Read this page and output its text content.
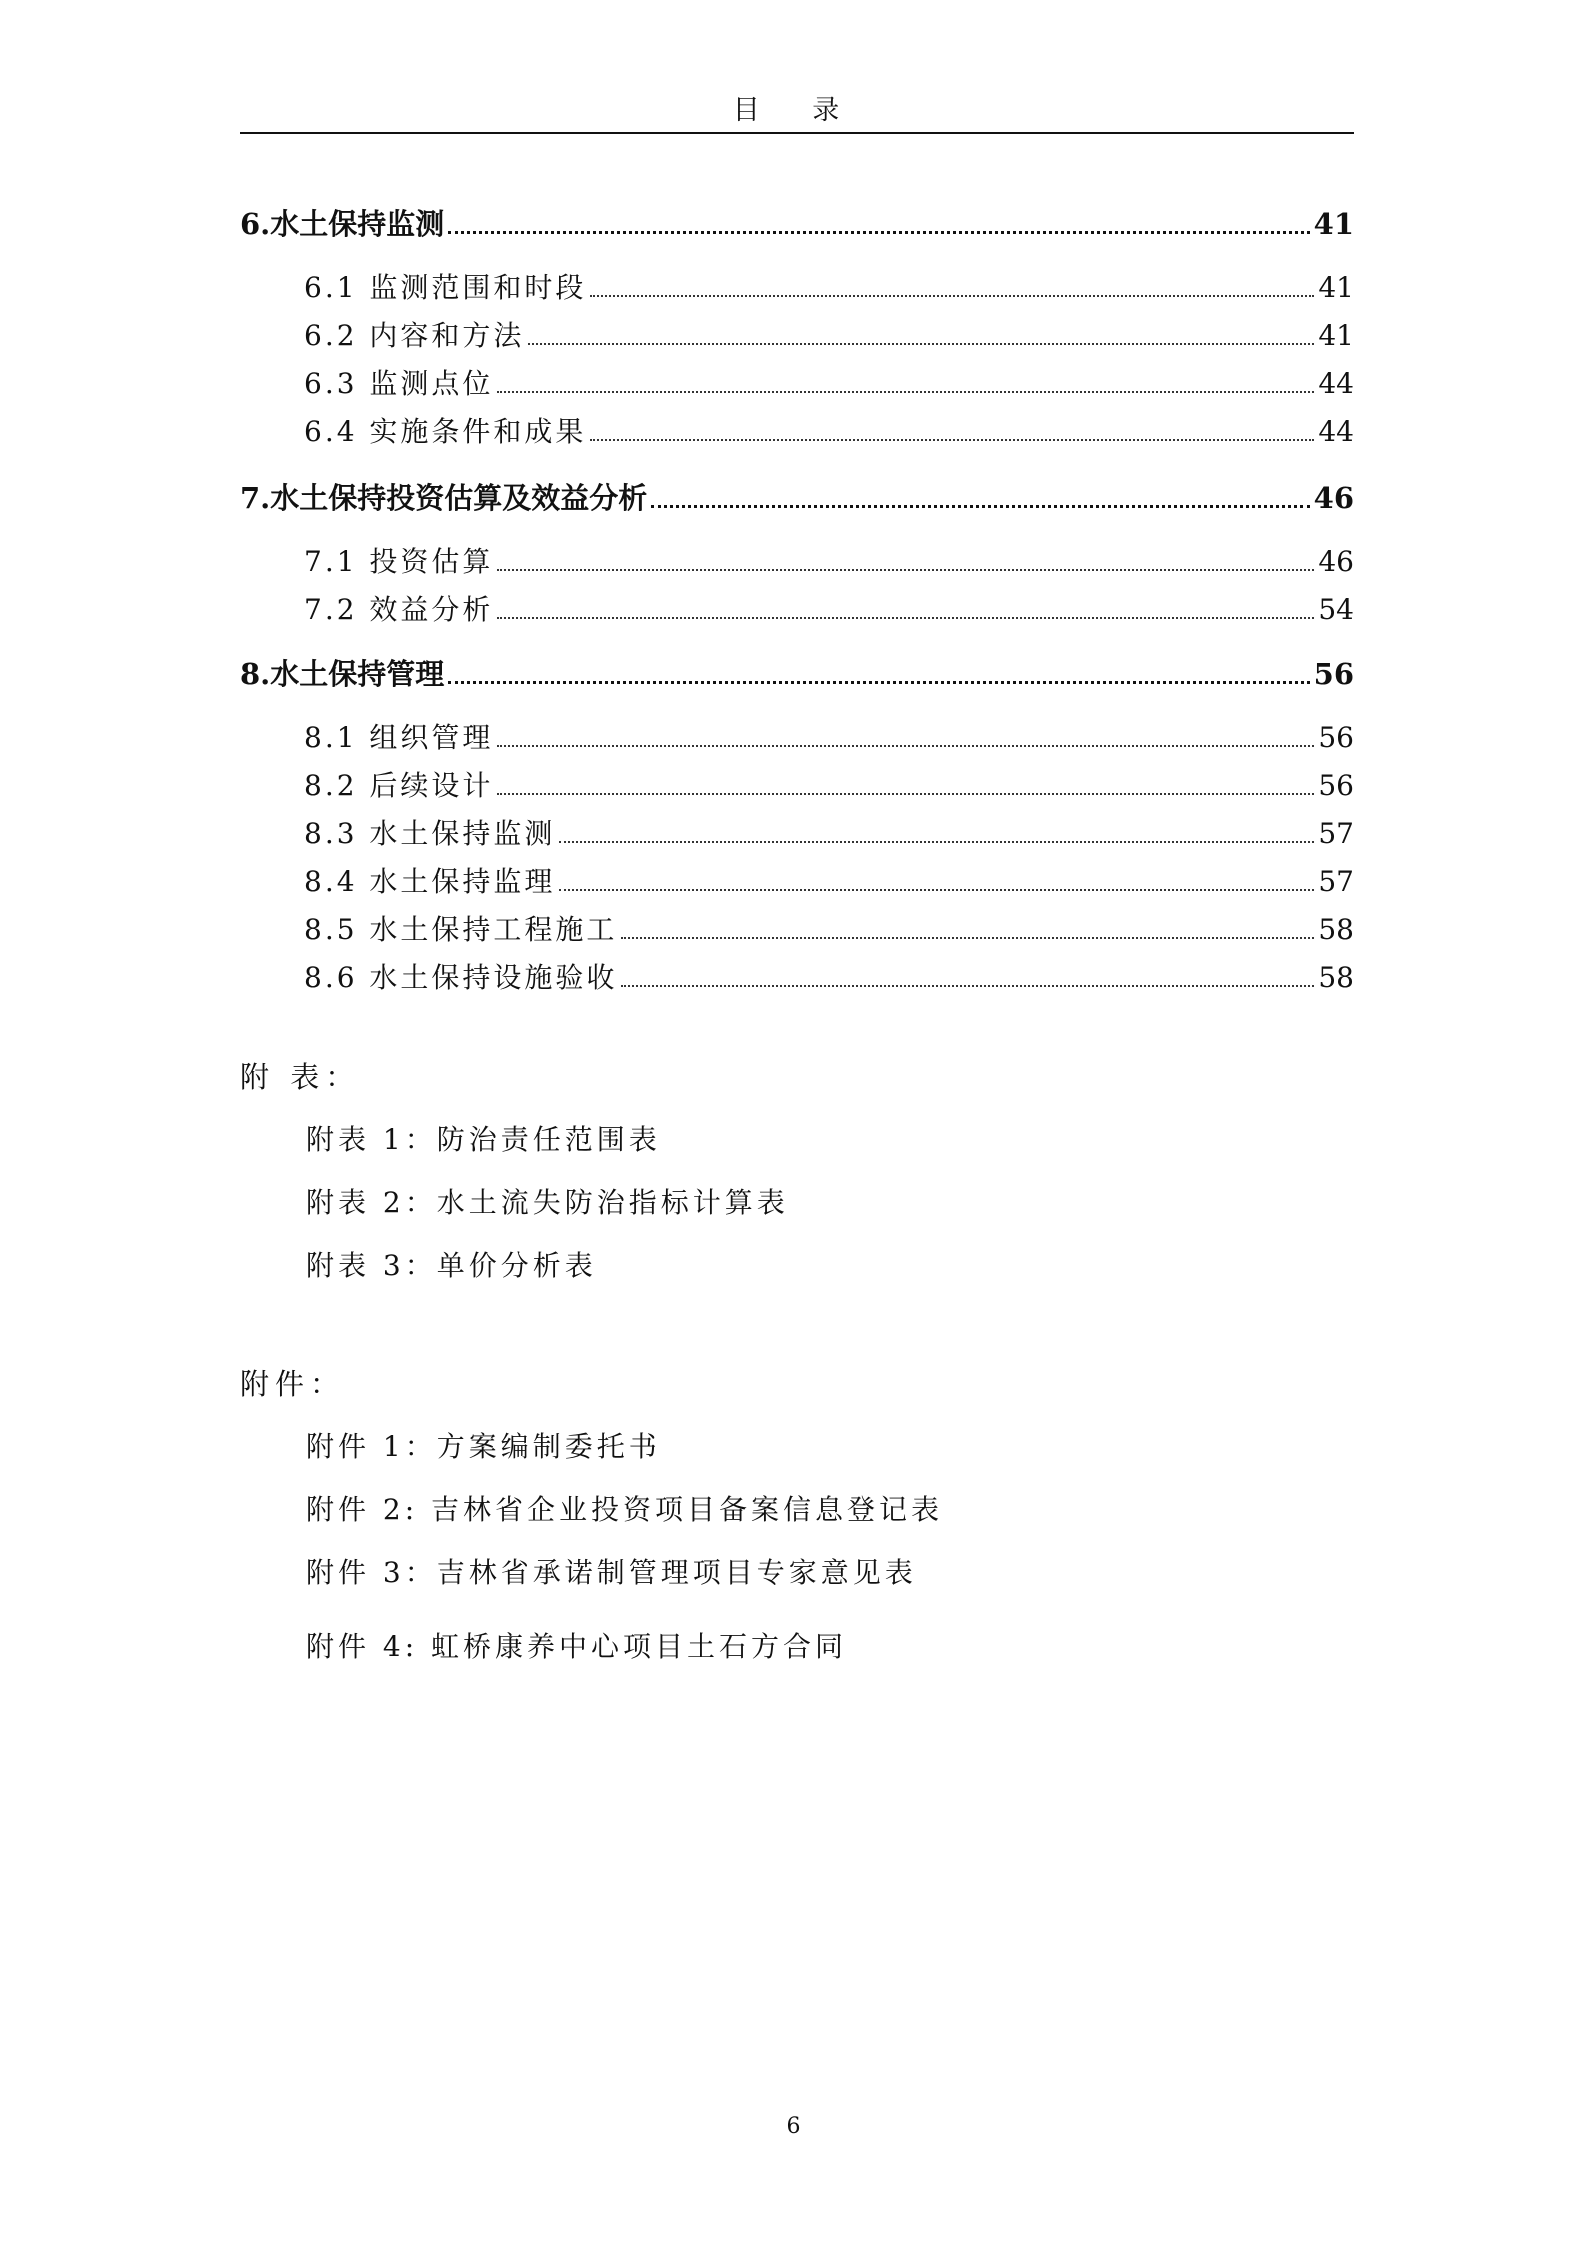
目 录
6.水土保持监测	41
6.1 监测范围和时段	41
6.2 内容和方法	41
6.3 监测点位	44
6.4 实施条件和成果	44
7.水土保持投资估算及效益分析	46
7.1 投资估算	46
7.2 效益分析	54
8.水土保持管理	56
8.1 组织管理	56
8.2 后续设计	56
8.3 水土保持监测	57
8.4 水土保持监理	57
8.5 水土保持工程施工	58
8.6 水土保持设施验收	58
附 表：
附表 1：防治责任范围表
附表 2：水土流失防治指标计算表
附表 3：单价分析表
附件：
附件 1：方案编制委托书
附件 2: 吉林省企业投资项目备案信息登记表
附件 3：吉林省承诺制管理项目专家意见表
附件 4: 虹桥康养中心项目土石方合同
6
